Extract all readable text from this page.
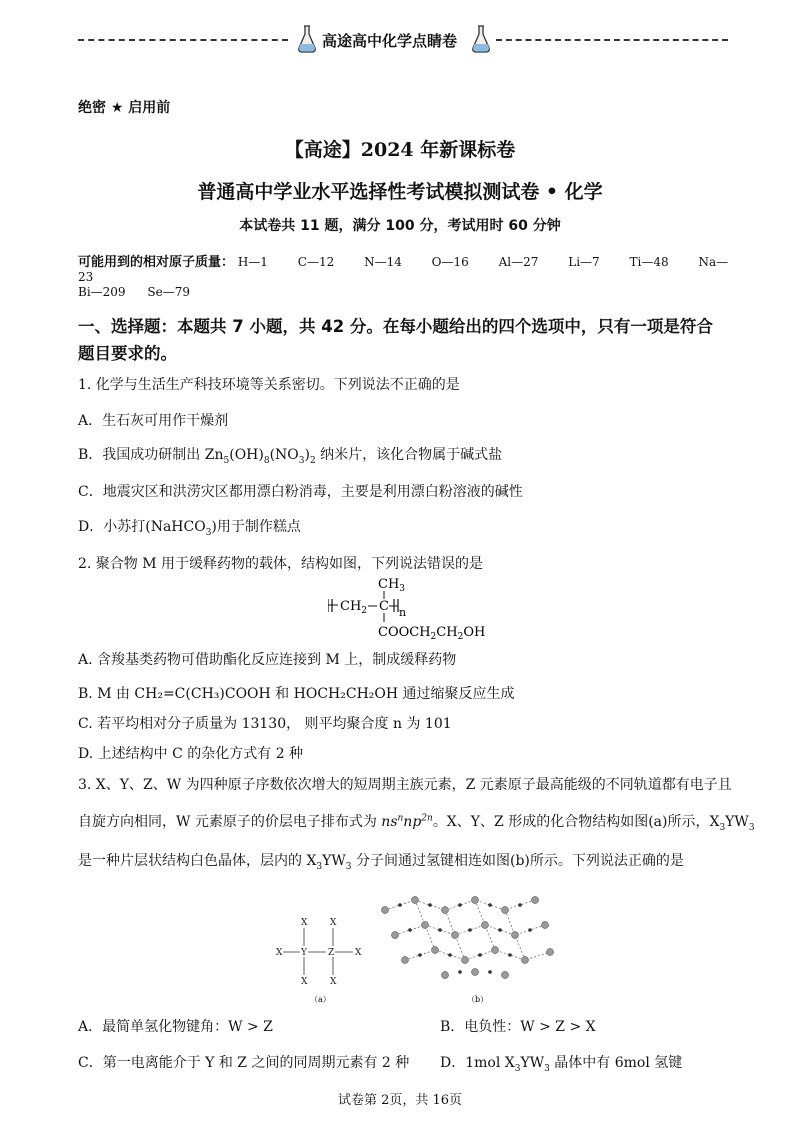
高途高中化学点睛卷
绝密 ★ 启用前
【高途】2024 年新课标卷
普通高中学业水平选择性考试模拟测试卷 • 化学
本试卷共 11 题，满分 100 分，考试用时 60 分钟
可能用到的相对原子质量： H—1 C—12 N—14 O—16 Al—27 Li—7 Ti—48 Na—23
Bi—209 Se—79
一、选择题：本题共 7 小题，共 42 分。在每小题给出的四个选项中，只有一项是符合题目要求的。
1. 化学与生活生产科技环境等关系密切。下列说法不正确的是
A．生石灰可用作干燥剂
B．我国成功研制出 $Zn_5(OH)_8(NO_3)_2$ 纳米片，该化合物属于碱式盐
C．地震灾区和洪涝灾区都用漂白粉消毒，主要是利用漂白粉溶液的碱性
D．小苏打(NaHCO$_3$)用于制作糕点
2. 聚合物 M 用于缓释药物的载体，结构如图，下列说法错误的是
$CH_3$
$CH_2$ C n
$COOCH_2CH_2OH$
A. 含羧基类药物可借助酯化反应连接到 M 上，制成缓释药物
B. M 由 CH₂=C(CH₃)COOH 和 HOCH₂CH₂OH 通过缩聚反应生成
C. 若平均相对分子质量为 13130， 则平均聚合度 n 为 101
D. 上述结构中 C 的杂化方式有 2 种
3. X、Y、Z、W 为四种原子序数依次增大的短周期主族元素，Z 元素原子最高能级的不同轨道都有电子且
自旋方向相同，W 元素原子的价层电子排布式为 $ns^nnp^{2n}$。X、Y、Z 形成的化合物结构如图(a)所示，$X_3YW_3$
是一种片层状结构白色晶体，层内的 $X_3YW_3$ 分子间通过氢键相连如图(b)所示。下列说法正确的是
X	X
X Y Z X
X	X
（a）	（b）
A．最简单氢化物键角：W > Z	B．电负性：W > Z > X
C．第一电离能介于 Y 和 Z 之间的同周期元素有 2 种 D．1mol $X_3YW_3$ 晶体中有 6mol 氢键
试卷第 2页，共 16页
